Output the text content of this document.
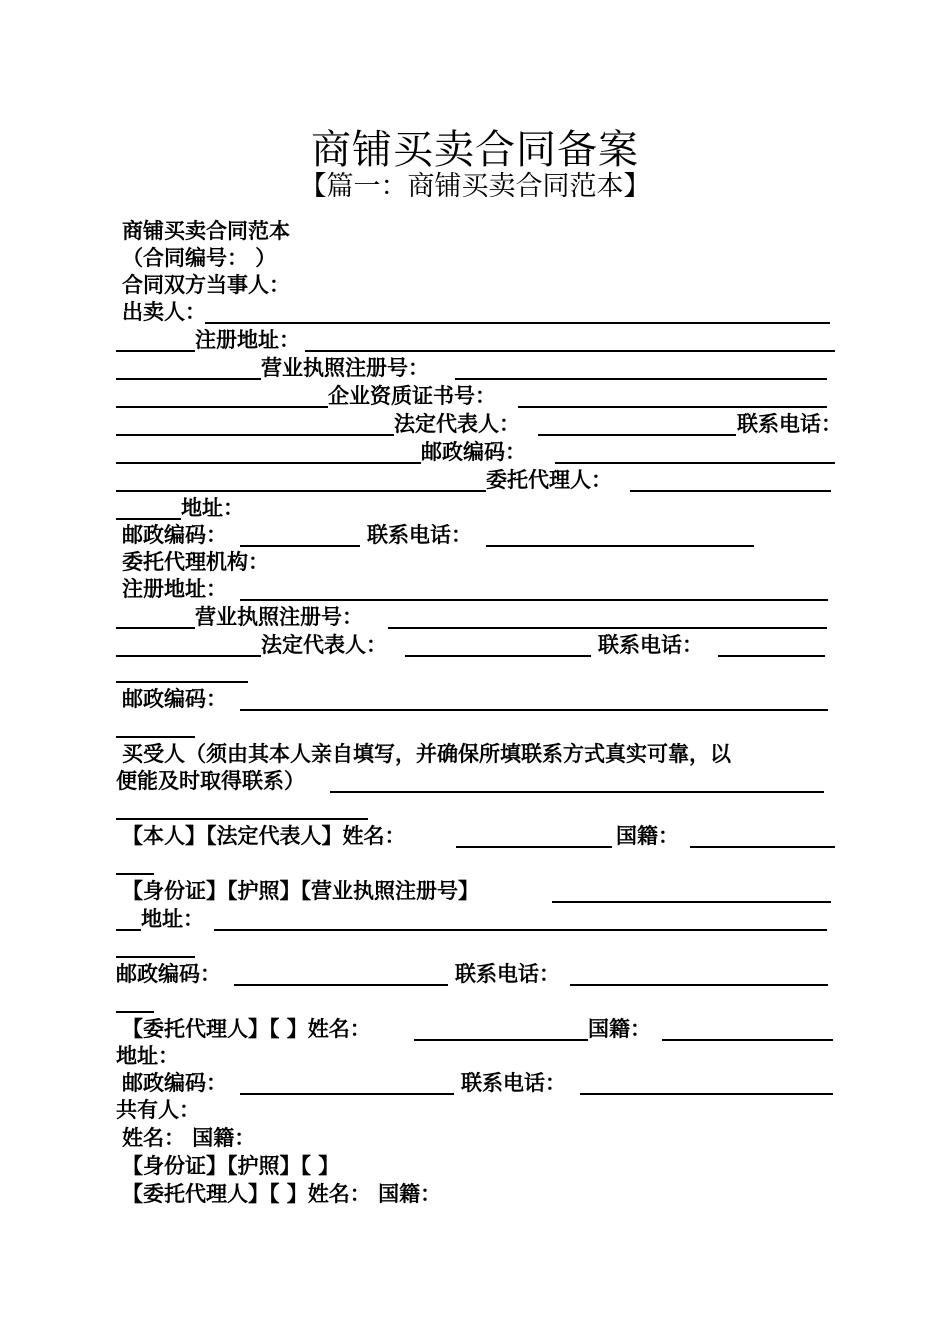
商铺买卖合同备案
【篇一：商铺买卖合同范本】
商铺买卖合同范本
（合同编号： ）
合同双方当事人：
出卖人：
注册地址：
营业执照注册号：
企业资质证书号：
法定代表人：	联系电话：
邮政编码：
委托代理人：
地址：
邮政编码：	联系电话：
委托代理机构：
注册地址：
营业执照注册号：
法定代表人：	联系电话：
邮政编码：
买受人（须由其本人亲自填写，并确保所填联系方式真实可靠，以
便能及时取得联系）
【本人】【法定代表人】姓名：	国籍：
【身份证】【护照】【营业执照注册号】
地址：
邮政编码：	联系电话：
【委托代理人】【 】姓名：	国籍：
地址：
邮政编码：	联系电话：
共有人：
姓名： 国籍：
【身份证】【护照】【 】
【委托代理人】【 】姓名： 国籍：
